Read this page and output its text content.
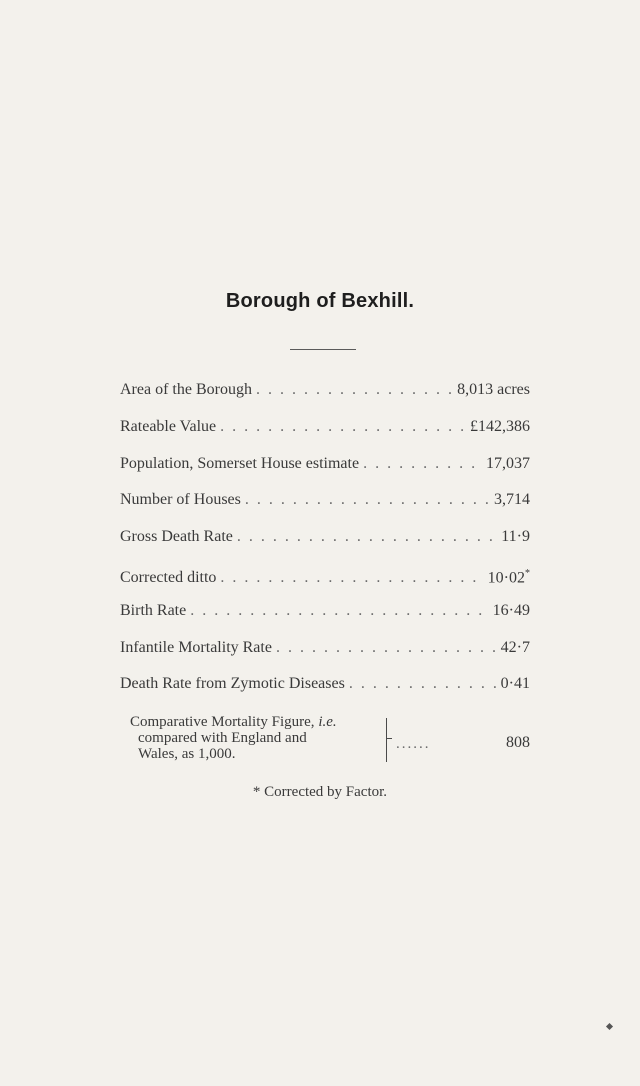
Borough of Bexhill.
Area of the Borough . . .	8,013 acres
Rateable Value . . .	£142,386
Population, Somerset House estimate . . .	17,037
Number of Houses . . .	3,714
Gross Death Rate . . .	11·9
Corrected ditto . . .	10·02*
Birth Rate . . .	16·49
Infantile Mortality Rate . . .	42·7
Death Rate from Zymotic Diseases . . .	0·41
Comparative Mortality Figure, i.e.
compared with England and
Wales, as 1,000.
......	808
* Corrected by Factor.
